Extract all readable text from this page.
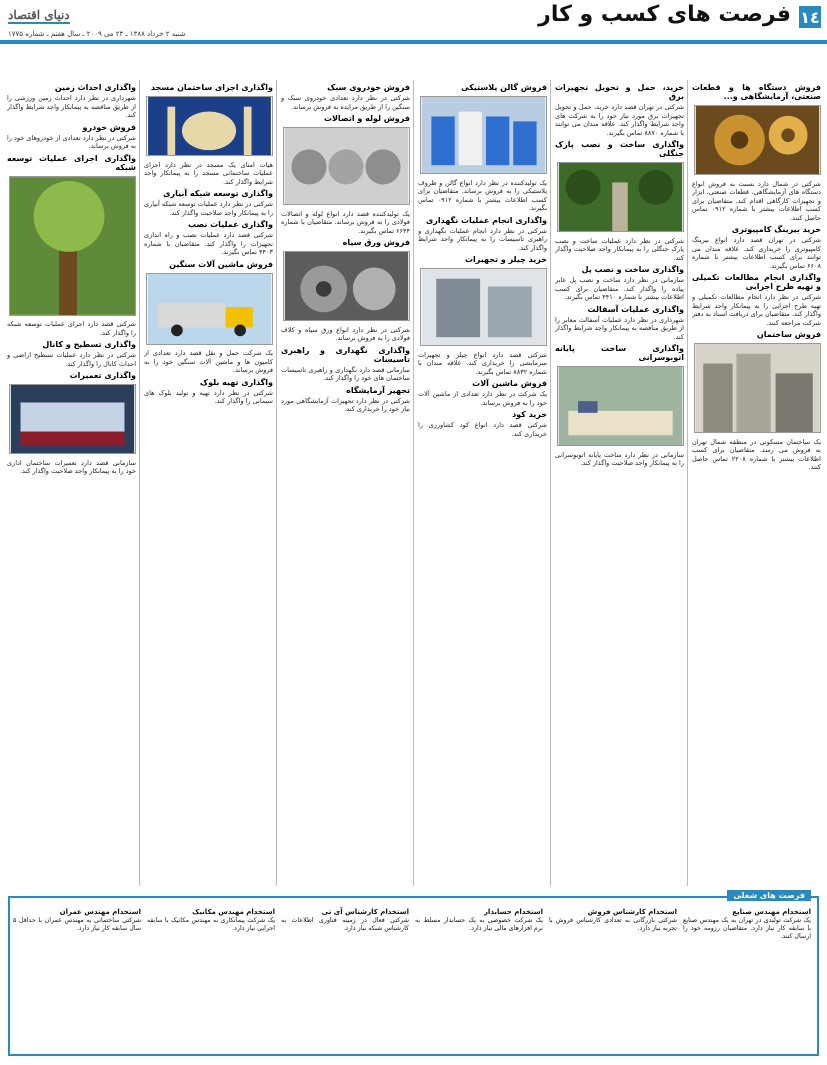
١٤
فرصت های کسب و کار
دنیای اقتصاد
شنبه ۲ خرداد ۱۳۸۸ ـ ۲۳ می ۲۰۰۹ ـ سال هفتم ـ شماره ۱۷۷۵
فروش دستگاه ها و قطعات صنعتی، آزمایشگاهی و...

شرکتی در شمال دارد نسبت به فروش انواع دستگاه های آزمایشگاهی، قطعات صنعتی، ابزار و تجهیزات کارگاهی اقدام کند. متقاضیان برای کسب اطلاعات بیشتر با شماره ۰۹۱۲ تماس حاصل کنند.

خرید بیرینگ کامپیوتری

شرکتی در تهران قصد دارد انواع بیرینگ کامپیوتری را خریداری کند. علاقه مندان می توانند برای کسب اطلاعات بیشتر با شماره ۶۶۰۸ تماس بگیرند.

واگذاری انجام مطالعات تکمیلی و تهیه طرح اجرایی

شرکتی در نظر دارد انجام مطالعات تکمیلی و تهیه طرح اجرایی را به پیمانکار واجد شرایط واگذار کند. متقاضیان برای دریافت اسناد به دفتر شرکت مراجعه کنند.

فروش ساختمان

یک ساختمان مسکونی در منطقه شمال تهران به فروش می رسد. متقاضیان برای کسب اطلاعات بیشتر با شماره ۲۲۰۸ تماس حاصل کنند.

خرید، حمل و تحویل تجهیزات برق

شرکتی در تهران قصد دارد خرید، حمل و تحویل تجهیزات برق مورد نیاز خود را به شرکت های واجد شرایط واگذار کند. علاقه مندان می توانند با شماره ۸۸۷۰ تماس بگیرند.

واگذاری ساخت و نصب پارک جنگلی

شرکتی در نظر دارد عملیات ساخت و نصب پارک جنگلی را به پیمانکار واجد صلاحیت واگذار کند.

واگذاری ساخت و نصب پل

سازمانی در نظر دارد ساخت و نصب پل عابر پیاده را واگذار کند. متقاضیان برای کسب اطلاعات بیشتر با شماره ۴۴۱۰ تماس بگیرند.

واگذاری عملیات آسفالت

شهرداری در نظر دارد عملیات آسفالت معابر را از طریق مناقصه به پیمانکار واجد شرایط واگذار کند.

واگذاری ساخت پایانه اتوبوسرانی

سازمانی در نظر دارد ساخت پایانه اتوبوسرانی را به پیمانکار واجد صلاحیت واگذار کند.

فروش گالن پلاستیکی

یک تولیدکننده در نظر دارد انواع گالن و ظروف پلاستیکی را به فروش برساند. متقاضیان برای کسب اطلاعات بیشتر با شماره ۰۹۱۲ تماس بگیرند.

واگذاری انجام عملیات نگهداری

شرکتی در نظر دارد انجام عملیات نگهداری و راهبری تاسیسات را به پیمانکار واجد شرایط واگذار کند.

خرید چیلر و تجهیزات

شرکتی قصد دارد انواع چیلر و تجهیزات سرمایشی را خریداری کند. علاقه مندان با شماره ۸۸۳۲ تماس بگیرند.

فروش ماشین آلات

یک شرکت در نظر دارد تعدادی از ماشین آلات خود را به فروش برساند.

خرید کود

شرکتی قصد دارد انواع کود کشاورزی را خریداری کند.

فروش خودروی سبک

شرکتی در نظر دارد تعدادی خودروی سبک و سنگین را از طریق مزایده به فروش برساند.

فروش لوله و اتصالات

یک تولیدکننده قصد دارد انواع لوله و اتصالات فولادی را به فروش برساند. متقاضیان با شماره ۶۶۴۴ تماس بگیرند.

فروش ورق سیاه

شرکتی در نظر دارد انواع ورق سیاه و کلاف فولادی را به فروش برساند.

واگذاری نگهداری و راهبری تاسیسات

سازمانی قصد دارد نگهداری و راهبری تاسیسات ساختمان های خود را واگذار کند.

تجهیز آزمایشگاه

شرکتی در نظر دارد تجهیزات آزمایشگاهی مورد نیاز خود را خریداری کند.

واگذاری اجرای ساختمان مسجد

هیات امنای یک مسجد در نظر دارد اجرای عملیات ساختمانی مسجد را به پیمانکار واجد شرایط واگذار کند.

واگذاری توسعه شبکه آبیاری

شرکتی در نظر دارد عملیات توسعه شبکه آبیاری را به پیمانکار واجد صلاحیت واگذار کند.

واگذاری عملیات نصب

شرکتی قصد دارد عملیات نصب و راه اندازی تجهیزات را واگذار کند. متقاضیان با شماره ۴۴۰۳ تماس بگیرند.

فروش ماشین آلات سنگین

یک شرکت حمل و نقل قصد دارد تعدادی از کامیون ها و ماشین آلات سنگین خود را به فروش برساند.

واگذاری تهیه بلوک

شرکتی در نظر دارد تهیه و تولید بلوک های سیمانی را واگذار کند.

واگذاری احداث زمین

شهرداری در نظر دارد احداث زمین ورزشی را از طریق مناقصه به پیمانکار واجد شرایط واگذار کند.

فروش خودرو

شرکتی در نظر دارد تعدادی از خودروهای خود را به فروش برساند.

واگذاری اجرای عملیات توسعه شبکه

شرکتی قصد دارد اجرای عملیات توسعه شبکه را واگذار کند.

واگذاری تسطیح و کانال

شرکتی در نظر دارد عملیات تسطیح اراضی و احداث کانال را واگذار کند.

واگذاری تعمیرات

سازمانی قصد دارد تعمیرات ساختمان اداری خود را به پیمانکار واجد صلاحیت واگذار کند.

فرصت های شغلی
استخدام مهندس صنایع

یک شرکت تولیدی در تهران به یک مهندس صنایع با سابقه کار نیاز دارد. متقاضیان رزومه خود را ارسال کنند.

استخدام کارشناس فروش

شرکتی بازرگانی به تعدادی کارشناس فروش با تجربه نیاز دارد.

استخدام حسابدار

یک شرکت خصوصی به یک حسابدار مسلط به نرم افزارهای مالی نیاز دارد.

استخدام کارشناس آی تی

شرکتی فعال در زمینه فناوری اطلاعات به کارشناس شبکه نیاز دارد.

استخدام مهندس مکانیک

یک شرکت پیمانکاری به مهندس مکانیک با سابقه اجرایی نیاز دارد.

استخدام مهندس عمران

شرکتی ساختمانی به مهندس عمران با حداقل ۵ سال سابقه کار نیاز دارد.
